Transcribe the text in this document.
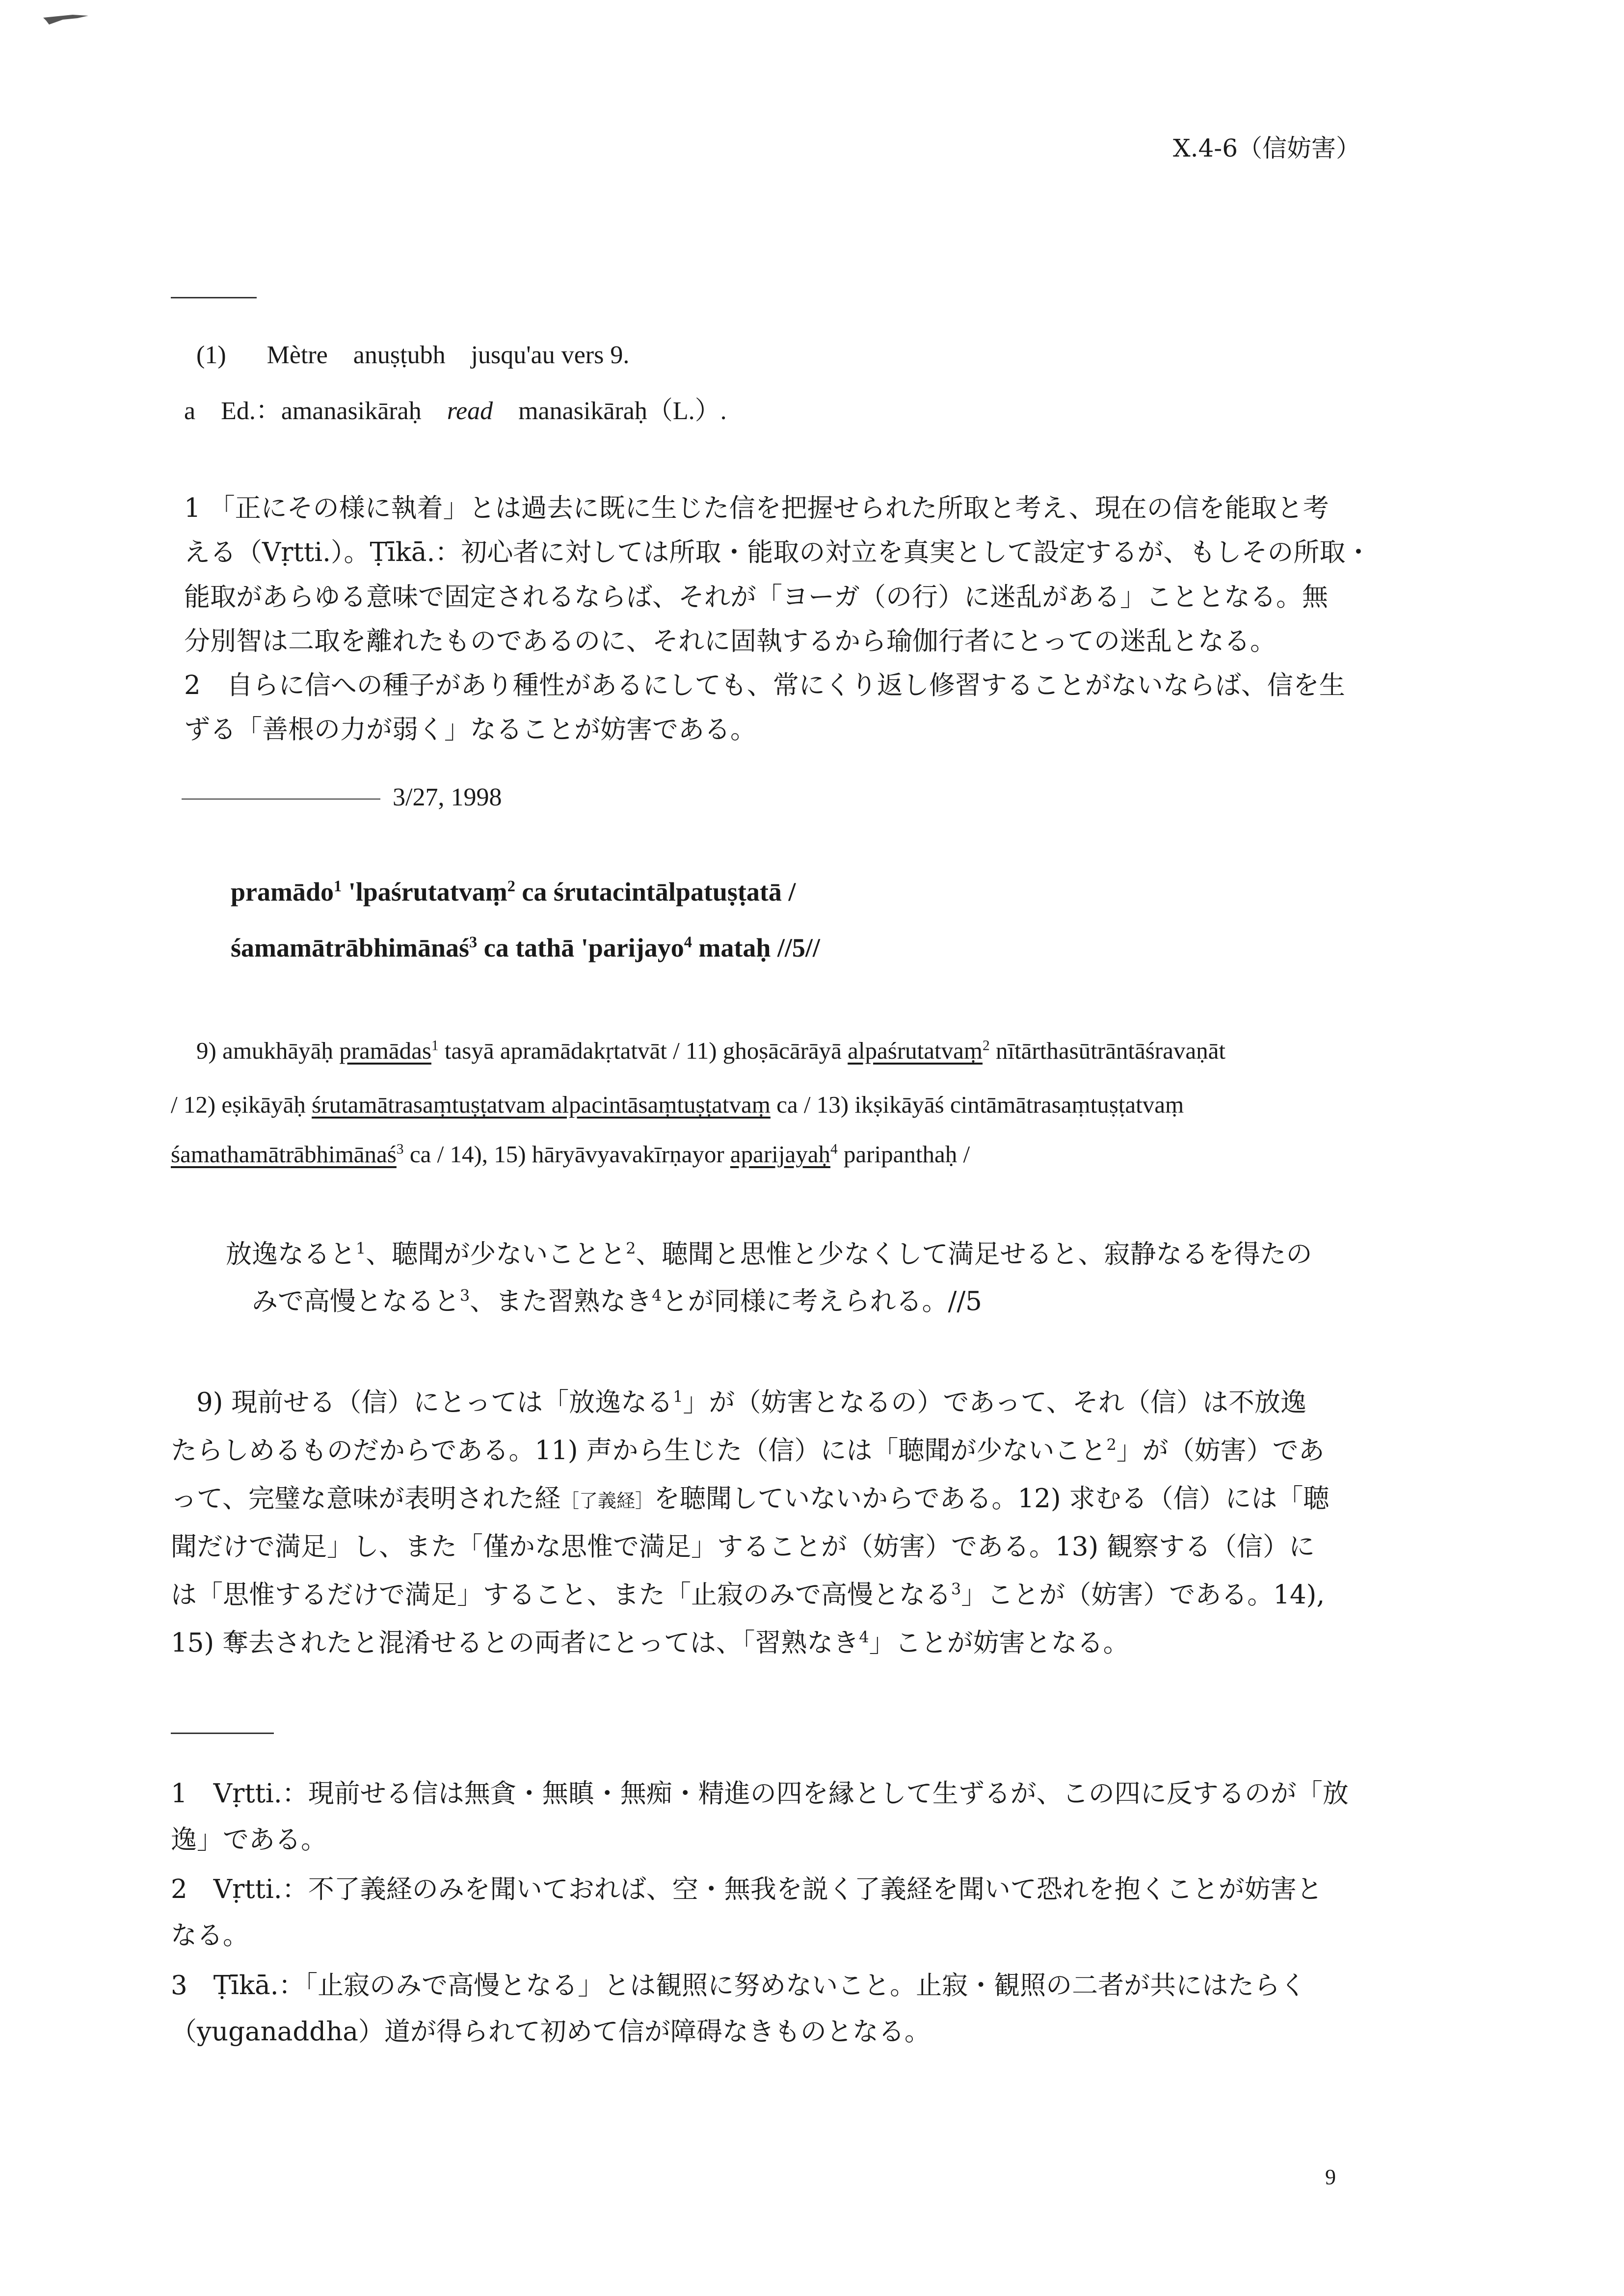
X.4-6（信妨害）
(1) Mètre　anuṣṭubh　jusqu'au vers 9.
a　Ed.：amanasikāraḥ　read　manasikāraḥ（L.）.
1 「正にその様に執着」とは過去に既に生じた信を把握せられた所取と考え、現在の信を能取と考
える（Vṛtti.）。Ṭīkā.：初心者に対しては所取・能取の対立を真実として設定するが、もしその所取・
能取があらゆる意味で固定されるならば、それが「ヨーガ（の行）に迷乱がある」こととなる。無
分別智は二取を離れたものであるのに、それに固執するから瑜伽行者にとっての迷乱となる。
2　自らに信への種子があり種性があるにしても、常にくり返し修習することがないならば、信を生
ずる「善根の力が弱く」なることが妨害である。
3/27, 1998
pramādo$^1$ 'lpaśrutatvaṃ$^2$ ca śrutacintālpatuṣṭatā /
śamamātrābhimānaś$^3$ ca tathā 'parijayo$^4$ mataḥ //5//
9) amukhāyāḥ pramādas$^1$ tasyā apramādakṛtatvāt / 11) ghoṣācārāyā alpaśrutatvaṃ$^2$ nītārthasūtrāntāśravaṇāt
/ 12) eṣikāyāḥ śrutamātrasaṃtuṣṭatvam alpacintāsaṃtuṣṭatvaṃ ca / 13) ikṣikāyāś cintāmātrasaṃtuṣṭatvaṃ
śamathamātrābhimānaś$^3$ ca / 14), 15) hāryāvyavakīrṇayor aparijayaḥ$^4$ paripanthaḥ /
放逸なると$^1$、聴聞が少ないことと$^2$、聴聞と思惟と少なくして満足せると、寂静なるを得たの
みで高慢となると$^3$、また習熟なき$^4$とが同様に考えられる。//5
9) 現前せる（信）にとっては「放逸なる$^1$」が（妨害となるの）であって、それ（信）は不放逸
たらしめるものだからである。11) 声から生じた（信）には「聴聞が少ないこと$^2$」が（妨害）であ
って、完璧な意味が表明された経［了義経］を聴聞していないからである。12) 求むる（信）には「聴
聞だけで満足」し、また「僅かな思惟で満足」することが（妨害）である。13) 観察する（信）に
は「思惟するだけで満足」すること、また「止寂のみで高慢となる$^3$」ことが（妨害）である。14),
15) 奪去されたと混淆せるとの両者にとっては、「習熟なき$^4$」ことが妨害となる。
1　Vṛtti.：現前せる信は無貪・無瞋・無痴・精進の四を縁として生ずるが、この四に反するのが「放
逸」である。
2　Vṛtti.：不了義経のみを聞いておれば、空・無我を説く了義経を聞いて恐れを抱くことが妨害と
なる。
3　Ṭīkā.：「止寂のみで高慢となる」とは観照に努めないこと。止寂・観照の二者が共にはたらく
（yuganaddha）道が得られて初めて信が障碍なきものとなる。
9
